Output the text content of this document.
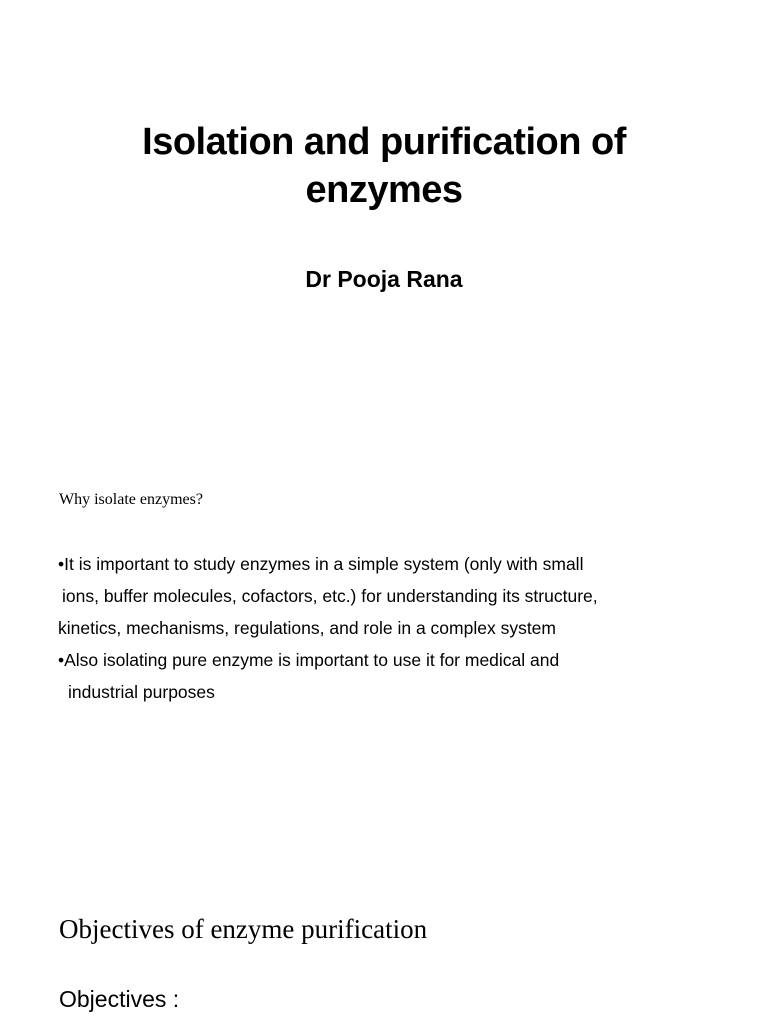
Isolation and purification of
enzymes

Dr Pooja Rana

Why isolate enzymes?

•It is important to study enzymes in a simple system (only with small
ions, buffer molecules, cofactors, etc.) for understanding its structure,
kinetics, mechanisms, regulations, and role in a complex system
•Also isolating pure enzyme is important to use it for medical and
industrial purposes
Objectives of enzyme purification

Objectives :
